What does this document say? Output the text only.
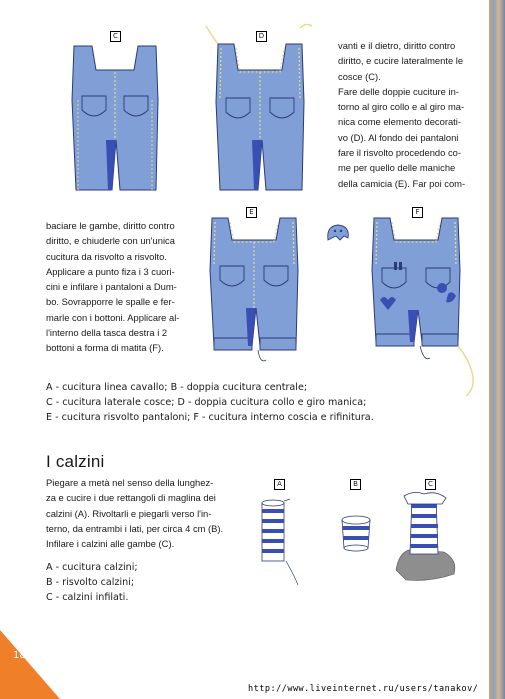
C	D
vanti e il dietro, diritto contro
diritto, e cucire lateralmente le
cosce (C).
Fare delle doppie cuciture in-
torno al giro collo e al giro ma-
nica come elemento decorati-
vo (D). Al fondo dei pantaloni
fare il risvolto procedendo co-
me per quello delle maniche
della camicia (E). Far poi com-
baciare le gambe, diritto contro
diritto, e chiuderle con un'unica
cucitura da risvolto a risvolto.
Applicare a punto fiza i 3 cuori-
cini e infilare i pantaloni a Dum-
bo. Sovrapporre le spalle e fer-
marle con i bottoni. Applicare al-
l'interno della tasca destra i 2
bottoni a forma di matita (F).
E	F
A - cucitura linea cavallo; B - doppia cucitura centrale;
C - cucitura laterale cosce; D - doppia cucitura collo e giro manica;
E - cucitura risvolto pantaloni; F - cucitura interno coscia e rifinitura.
I calzini
Piegare a metà nel senso della lunghez-
za e cucire i due rettangoli di maglina dei
calzini (A). Rivoltarli e piegarli verso l'in-
terno, da entrambi i lati, per circa 4 cm (B).
Infilare i calzini alle gambe (C).
A - cucitura calzini;
B - risvolto calzini;
C - calzini infilati.
A	B	C
18
http://www.liveinternet.ru/users/tanakov/
